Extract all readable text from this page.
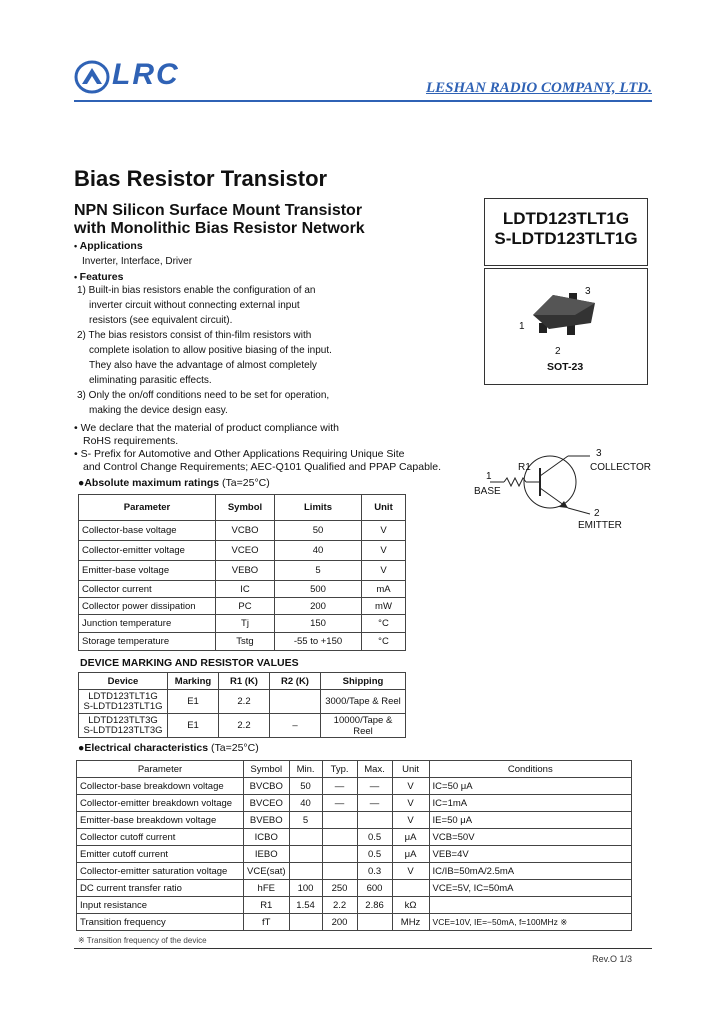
LRC	LESHAN RADIO COMPANY, LTD.
Bias Resistor Transistor
NPN Silicon Surface Mount Transistor
with Monolithic Bias Resistor Network
LDTD123TLT1G
S-LDTD123TLT1G
3
1
2
SOT-23
• Applications
Inverter, Interface, Driver
• Features
1) Built-in bias resistors enable the configuration of an
inverter circuit without connecting external input
resistors (see equivalent circuit).
2) The bias resistors consist of thin-film resistors with
complete isolation to allow positive biasing of the input.
They also have the advantage of almost completely
eliminating parasitic effects.
3) Only the on/off conditions need to be set for operation,
making the device design easy.
• We declare that the material of product compliance with
RoHS requirements.
• S- Prefix for Automotive and Other Applications Requiring Unique Site
and Control Change Requirements; AEC-Q101 Qualified and PPAP Capable.	R1
1
BASE
3
COLLECTOR
2
EMITTER
●Absolute maximum ratings (Ta=25°C)
Parameter	Symbol	Limits	Unit
Collector-base voltage	VCBO	50	V
Collector-emitter voltage	VCEO	40	V
Emitter-base voltage	VEBO	5	V
Collector current	IC	500	mA
Collector power dissipation	PC	200	mW
Junction temperature	Tj	150	°C
Storage temperature	Tstg	-55 to +150	°C
DEVICE MARKING AND RESISTOR VALUES
Device	Marking	R1 (K)	R2 (K)	Shipping

LDTD123TLT1G
S-LDTD123TLT1G	E1	2.2		3000/Tape & Reel

LDTD123TLT3G
S-LDTD123TLT3G	E1	2.2	–	10000/Tape & Reel
●Electrical characteristics (Ta=25°C)
Parameter	Symbol	Min.	Typ.	Max.	Unit	Conditions
Collector-base breakdown voltage	BVCBO	50	—	—	V	IC=50 μA
Collector-emitter breakdown voltage	BVCEO	40	—	—	V	IC=1mA
Emitter-base breakdown voltage	BVEBO	5			V	IE=50 μA
Collector cutoff current	ICBO			0.5	μA	VCB=50V
Emitter cutoff current	IEBO			0.5	μA	VEB=4V
Collector-emitter saturation voltage	VCE(sat)			0.3	V	IC/IB=50mA/2.5mA
DC current transfer ratio	hFE	100	250	600		VCE=5V, IC=50mA
Input resistance	R1	1.54	2.2	2.86	kΩ	
Transition frequency	fT		200		MHz	VCE=10V, IE=−50mA, f=100MHz ※
※ Transition frequency of the device
Rev.O 1/3
